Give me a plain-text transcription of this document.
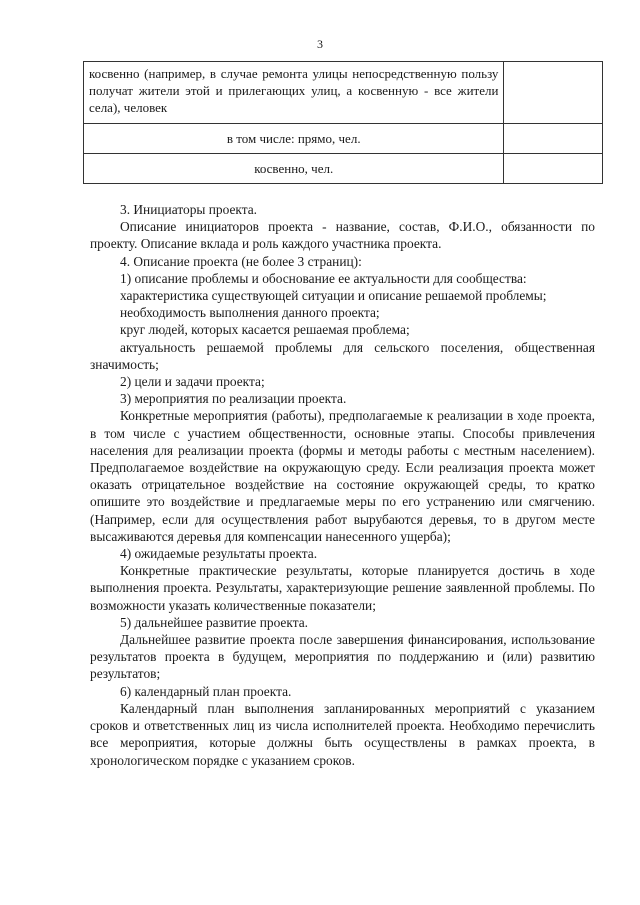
3
косвенно (например, в случае ремонта улицы непосредственную пользу получат жители этой и прилегающих улиц, а косвенную - все жители села), человек	
в том числе: прямо, чел.	
косвенно, чел.	

3. Инициаторы проекта.

Описание инициаторов проекта - название, состав, Ф.И.О., обязанности по проекту. Описание вклада и роль каждого участника проекта.

4. Описание проекта (не более 3 страниц):

1) описание проблемы и обоснование ее актуальности для сообщества:

характеристика существующей ситуации и описание решаемой проблемы;

необходимость выполнения данного проекта;

круг людей, которых касается решаемая проблема;

актуальность решаемой проблемы для сельского поселения, общественная значимость;

2) цели и задачи проекта;

3) мероприятия по реализации проекта.

Конкретные мероприятия (работы), предполагаемые к реализации в ходе проекта, в том числе с участием общественности, основные этапы. Способы привлечения населения для реализации проекта (формы и методы работы с местным населением). Предполагаемое воздействие на окружающую среду. Если реализация проекта может оказать отрицательное воздействие на состояние окружающей среды, то кратко опишите это воздействие и предлагаемые меры по его устранению или смягчению. (Например, если для осуществления работ вырубаются деревья, то в другом месте высаживаются деревья для компенсации нанесенного ущерба);

4) ожидаемые результаты проекта.

Конкретные практические результаты, которые планируется достичь в ходе выполнения проекта. Результаты, характеризующие решение заявленной проблемы. По возможности указать количественные показатели;

5) дальнейшее развитие проекта.

Дальнейшее развитие проекта после завершения финансирования, использование результатов проекта в будущем, мероприятия по поддержанию и (или) развитию результатов;

6) календарный план проекта.

Календарный план выполнения запланированных мероприятий с указанием сроков и ответственных лиц из числа исполнителей проекта. Необходимо перечислить все мероприятия, которые должны быть осуществлены в рамках проекта, в хронологическом порядке с указанием сроков.
